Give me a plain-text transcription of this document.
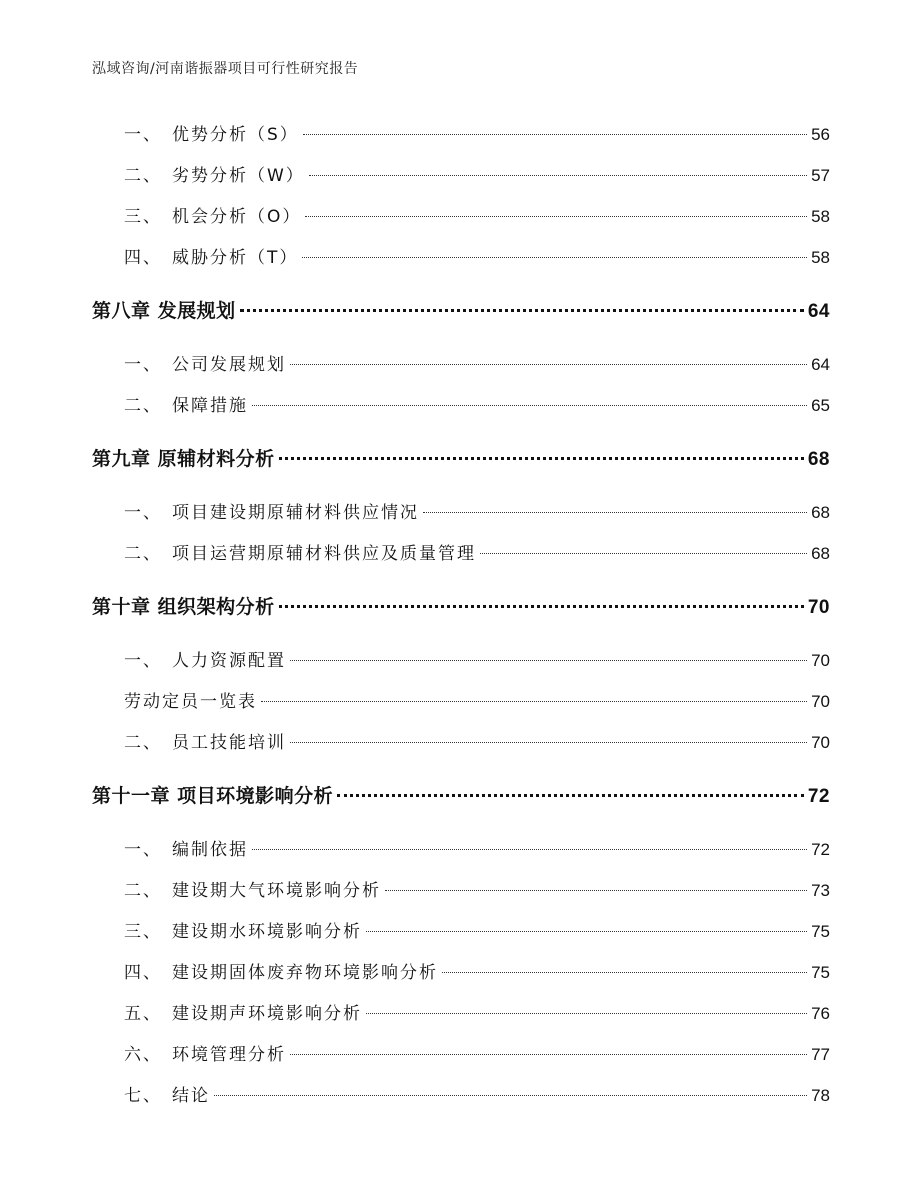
泓域咨询/河南谐振器项目可行性研究报告
一、 优势分析（S）	56
二、 劣势分析（W）	57
三、 机会分析（O）	58
四、 威胁分析（T）	58
第八章 发展规划	64
一、 公司发展规划	64
二、 保障措施	65
第九章 原辅材料分析	68
一、 项目建设期原辅材料供应情况	68
二、 项目运营期原辅材料供应及质量管理	68
第十章 组织架构分析	70
一、 人力资源配置	70
劳动定员一览表	70
二、 员工技能培训	70
第十一章 项目环境影响分析	72
一、 编制依据	72
二、 建设期大气环境影响分析	73
三、 建设期水环境影响分析	75
四、 建设期固体废弃物环境影响分析	75
五、 建设期声环境影响分析	76
六、 环境管理分析	77
七、 结论	78
